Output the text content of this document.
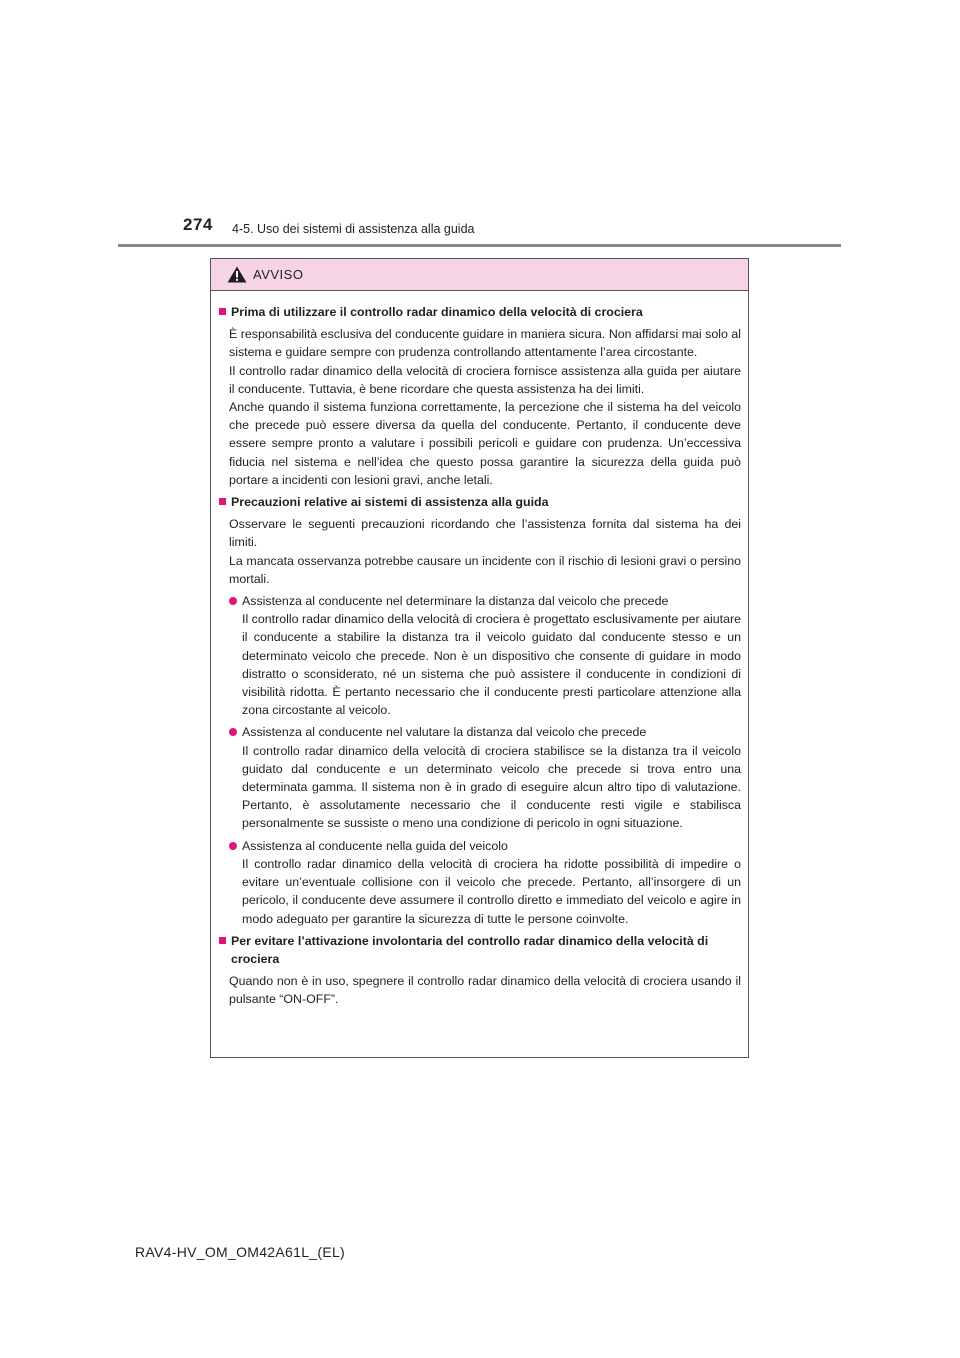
274 4-5. Uso dei sistemi di assistenza alla guida
AVVISO
Prima di utilizzare il controllo radar dinamico della velocità di crociera
È responsabilità esclusiva del conducente guidare in maniera sicura. Non affidarsi mai solo al sistema e guidare sempre con prudenza controllando attentamente l’area circostante.
Il controllo radar dinamico della velocità di crociera fornisce assistenza alla guida per aiutare il conducente. Tuttavia, è bene ricordare che questa assistenza ha dei limiti.
Anche quando il sistema funziona correttamente, la percezione che il sistema ha del veicolo che precede può essere diversa da quella del conducente. Pertanto, il conducente deve essere sempre pronto a valutare i possibili pericoli e guidare con prudenza. Un’eccessiva fiducia nel sistema e nell’idea che questo possa garantire la sicurezza della guida può portare a incidenti con lesioni gravi, anche letali.
Precauzioni relative ai sistemi di assistenza alla guida
Osservare le seguenti precauzioni ricordando che l’assistenza fornita dal sistema ha dei limiti.
La mancata osservanza potrebbe causare un incidente con il rischio di lesioni gravi o persino mortali.
Assistenza al conducente nel determinare la distanza dal veicolo che precede
Il controllo radar dinamico della velocità di crociera è progettato esclusivamente per aiutare il conducente a stabilire la distanza tra il veicolo guidato dal conducente stesso e un determinato veicolo che precede. Non è un dispositivo che consente di guidare in modo distratto o sconsiderato, né un sistema che può assistere il conducente in condizioni di visibilità ridotta. È pertanto necessario che il conducente presti particolare attenzione alla zona circostante al veicolo.
Assistenza al conducente nel valutare la distanza dal veicolo che precede
Il controllo radar dinamico della velocità di crociera stabilisce se la distanza tra il veicolo guidato dal conducente e un determinato veicolo che precede si trova entro una determinata gamma. Il sistema non è in grado di eseguire alcun altro tipo di valutazione. Pertanto, è assolutamente necessario che il conducente resti vigile e stabilisca personalmente se sussiste o meno una condizione di pericolo in ogni situazione.
Assistenza al conducente nella guida del veicolo
Il controllo radar dinamico della velocità di crociera ha ridotte possibilità di impedire o evitare un’eventuale collisione con il veicolo che precede. Pertanto, all’insorgere di un pericolo, il conducente deve assumere il controllo diretto e immediato del veicolo e agire in modo adeguato per garantire la sicurezza di tutte le persone coinvolte.
Per evitare l’attivazione involontaria del controllo radar dinamico della velocità di crociera
Quando non è in uso, spegnere il controllo radar dinamico della velocità di crociera usando il pulsante “ON-OFF”.
RAV4-HV_OM_OM42A61L_(EL)
